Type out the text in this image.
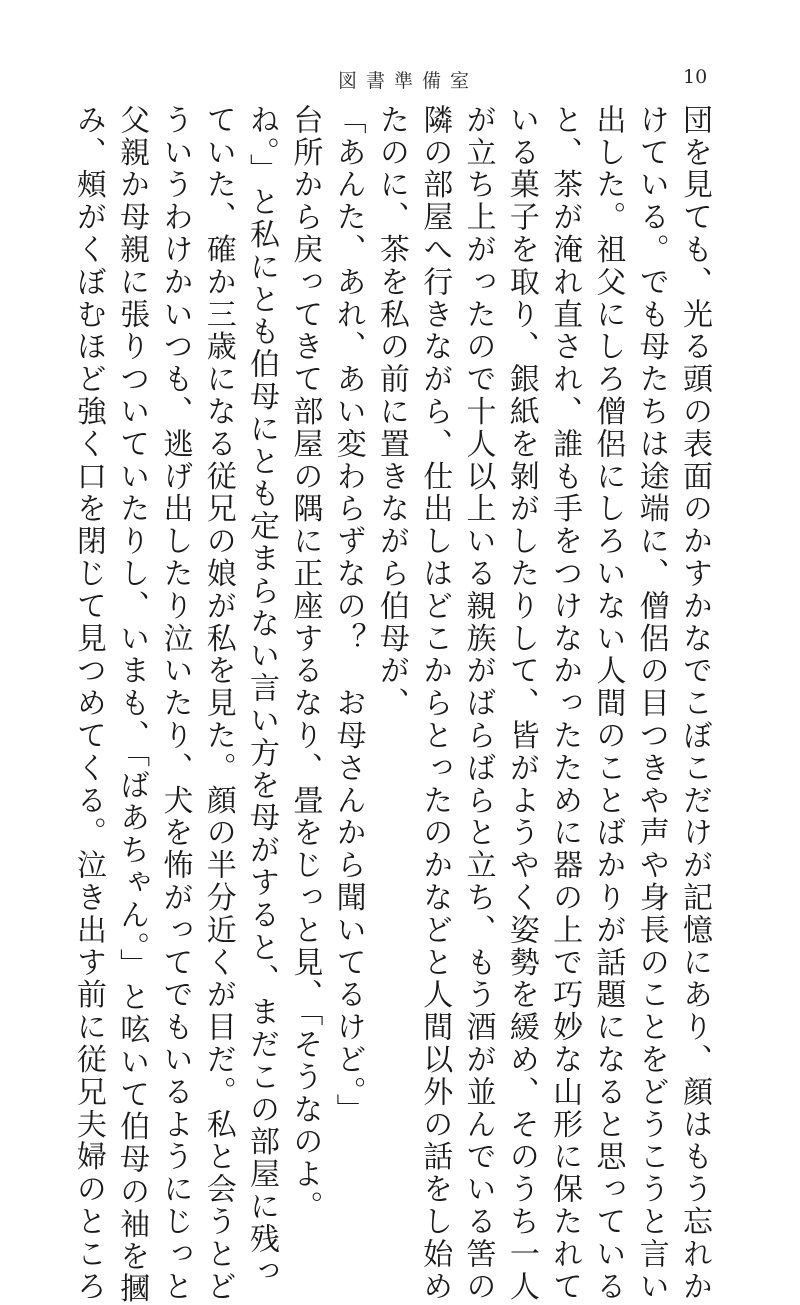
図書準備室	10
団を見ても、光る頭の表面のかすかなでこぼこだけが記憶にあり、顔はもう忘れか
けている。でも母たちは途端に、僧侶の目つきや声や身長のことをどうこうと言い
出した。祖父にしろ僧侶にしろいない人間のことばかりが話題になると思っている
と、茶が淹れ直され、誰も手をつけなかったために器の上で巧妙な山形に保たれて
いる菓子を取り、銀紙を剝がしたりして、皆がようやく姿勢を緩め、そのうち一人
が立ち上がったので十人以上いる親族がばらばらと立ち、もう酒が並んでいる筈の
隣の部屋へ行きながら、仕出しはどこからとったのかなどと人間以外の話をし始め
たのに、茶を私の前に置きながら伯母が、
「あんた、あれ、あい変わらずなの？　お母さんから聞いてるけど。」
台所から戻ってきて部屋の隅に正座するなり、畳をじっと見、「そうなのよ。
ね。」と私にとも伯母にとも定まらない言い方を母がすると、まだこの部屋に残っ
ていた、確か三歳になる従兄の娘が私を見た。顔の半分近くが目だ。私と会うとど
ういうわけかいつも、逃げ出したり泣いたり、犬を怖がってでもいるようにじっと
父親か母親に張りついていたりし、いまも、「ばあちゃん。」と呟いて伯母の袖を摑
み、頰がくぼむほど強く口を閉じて見つめてくる。泣き出す前に従兄夫婦のところ
